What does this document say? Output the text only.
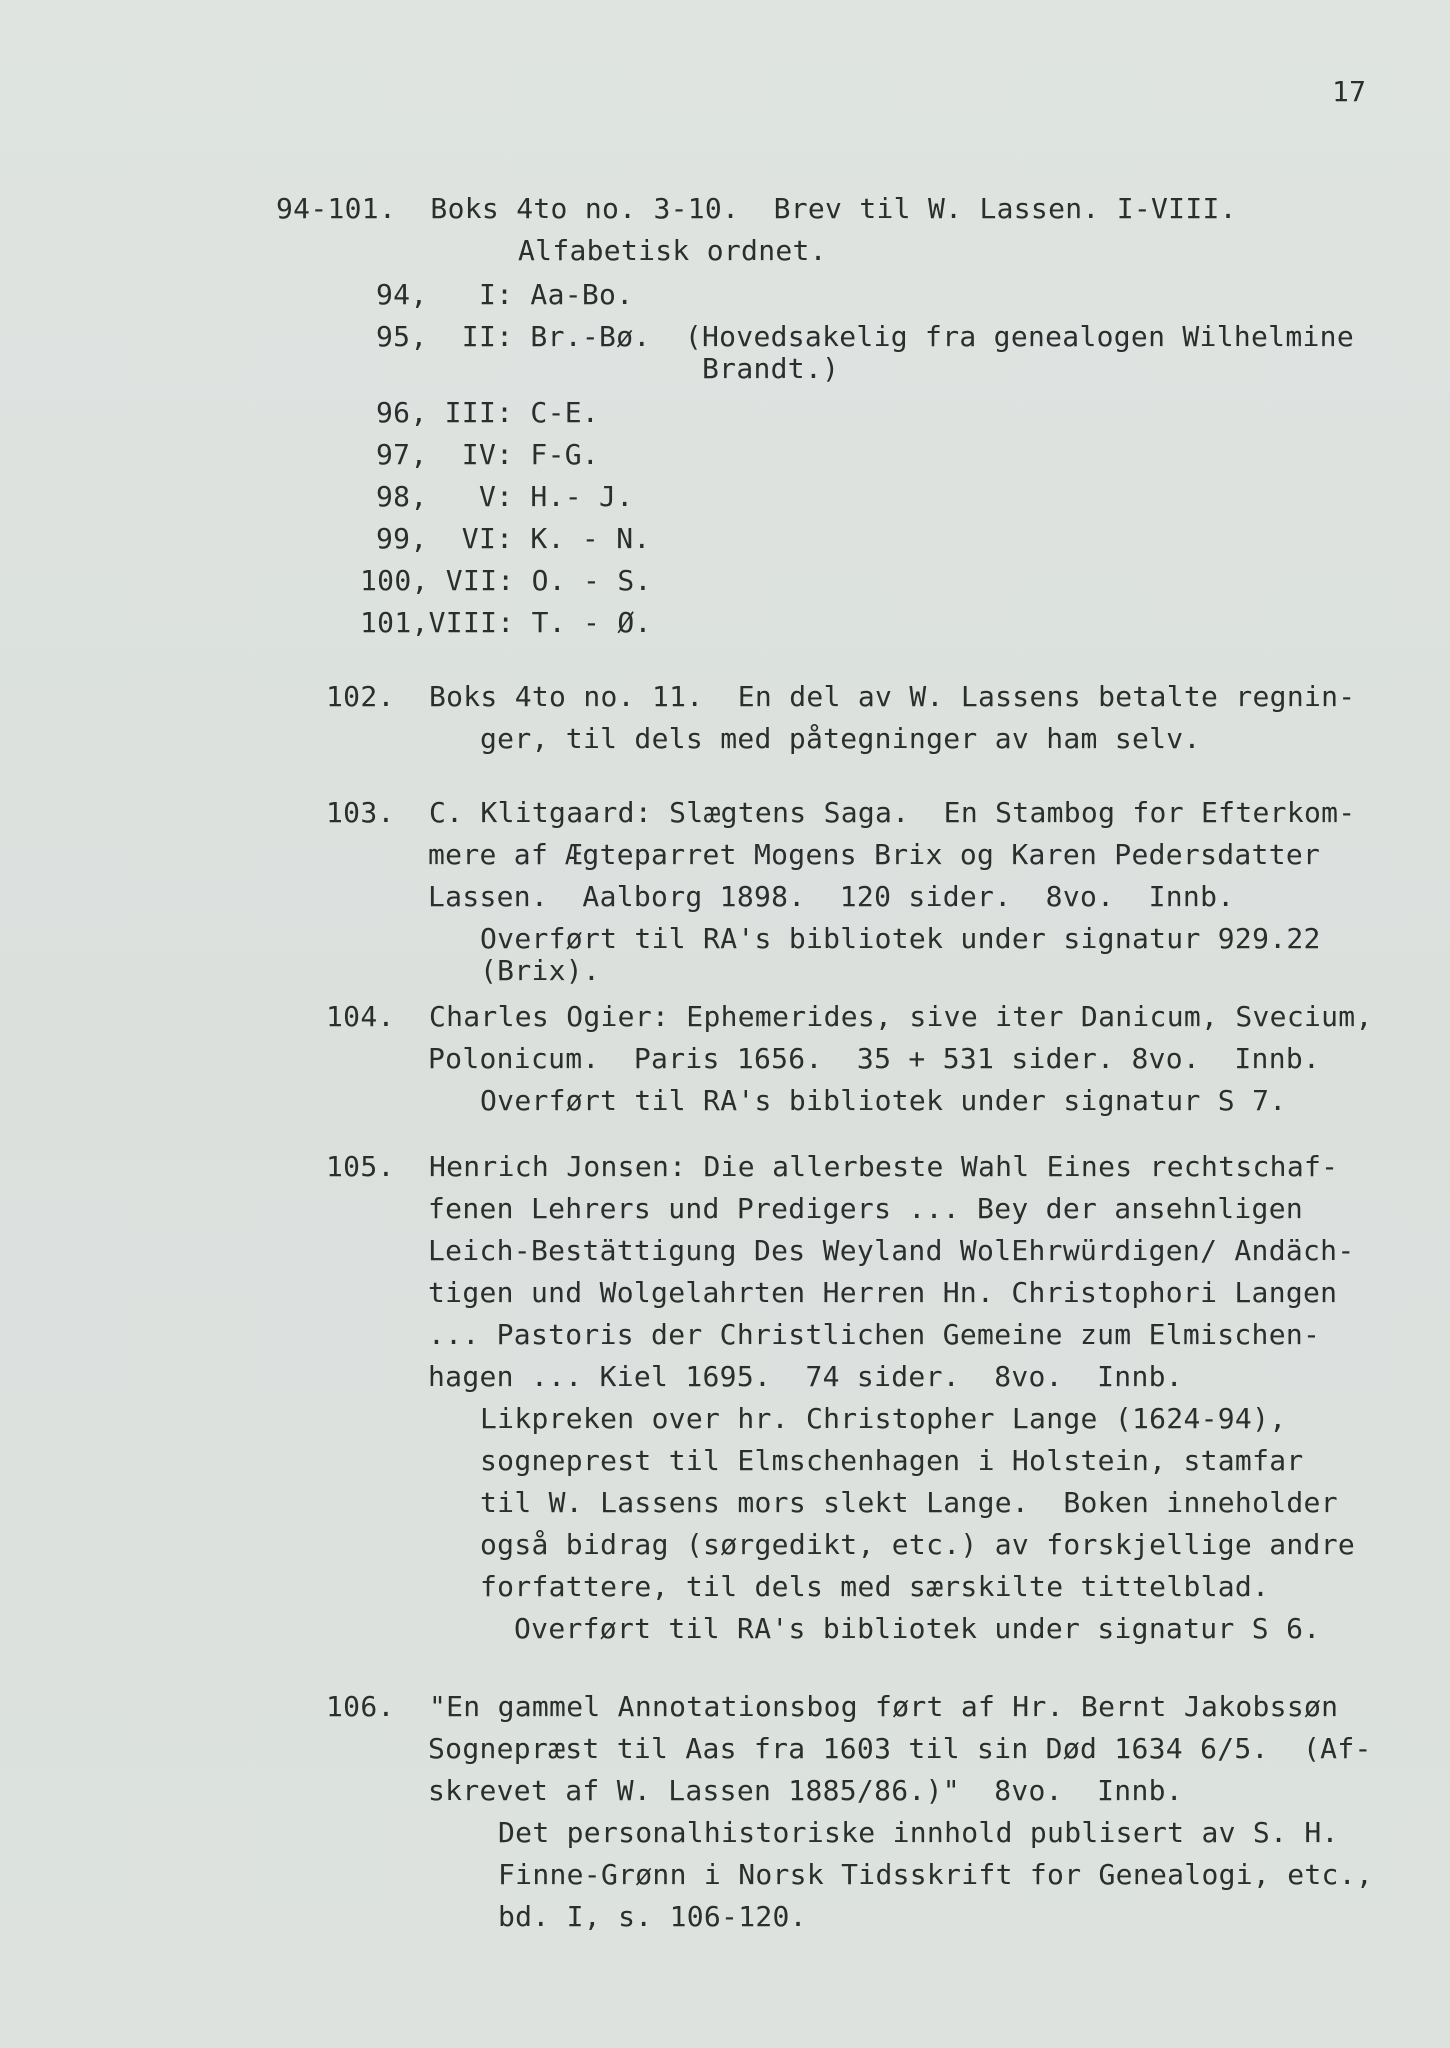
17
94-101.  Boks 4to no. 3-10.  Brev til W. Lassen. I-VIII.
Alfabetisk ordnet.
94,   I: Aa-Bo.
95,  II: Br.-Bø.  (Hovedsakelig fra genealogen Wilhelmine
Brandt.)
96, III: C-E.
97,  IV: F-G.
98,   V: H.- J.
99,  VI: K. - N.
100, VII: O. - S.
101,VIII: T. - Ø.
102.  Boks 4to no. 11.  En del av W. Lassens betalte regnin-
ger, til dels med påtegninger av ham selv.
103.  C. Klitgaard: Slægtens Saga.  En Stambog for Efterkom-
mere af Ægteparret Mogens Brix og Karen Pedersdatter
Lassen.  Aalborg 1898.  120 sider.  8vo.  Innb.
Overført til RA's bibliotek under signatur 929.22
(Brix).
104.  Charles Ogier: Ephemerides, sive iter Danicum, Svecium,
Polonicum.  Paris 1656.  35 + 531 sider. 8vo.  Innb.
Overført til RA's bibliotek under signatur S 7.
105.  Henrich Jonsen: Die allerbeste Wahl Eines rechtschaf-
fenen Lehrers und Predigers ... Bey der ansehnligen
Leich-Bestättigung Des Weyland WolEhrwürdigen/ Andäch-
tigen und Wolgelahrten Herren Hn. Christophori Langen
... Pastoris der Christlichen Gemeine zum Elmischen-
hagen ... Kiel 1695.  74 sider.  8vo.  Innb.
Likpreken over hr. Christopher Lange (1624-94),
sogneprest til Elmschenhagen i Holstein, stamfar
til W. Lassens mors slekt Lange.  Boken inneholder
også bidrag (sørgedikt, etc.) av forskjellige andre
forfattere, til dels med særskilte tittelblad.
Overført til RA's bibliotek under signatur S 6.
106.  "En gammel Annotationsbog ført af Hr. Bernt Jakobssøn
Sognepræst til Aas fra 1603 til sin Død 1634 6/5.  (Af-
skrevet af W. Lassen 1885/86.)"  8vo.  Innb.
Det personalhistoriske innhold publisert av S. H.
Finne-Grønn i Norsk Tidsskrift for Genealogi, etc.,
bd. I, s. 106-120.
